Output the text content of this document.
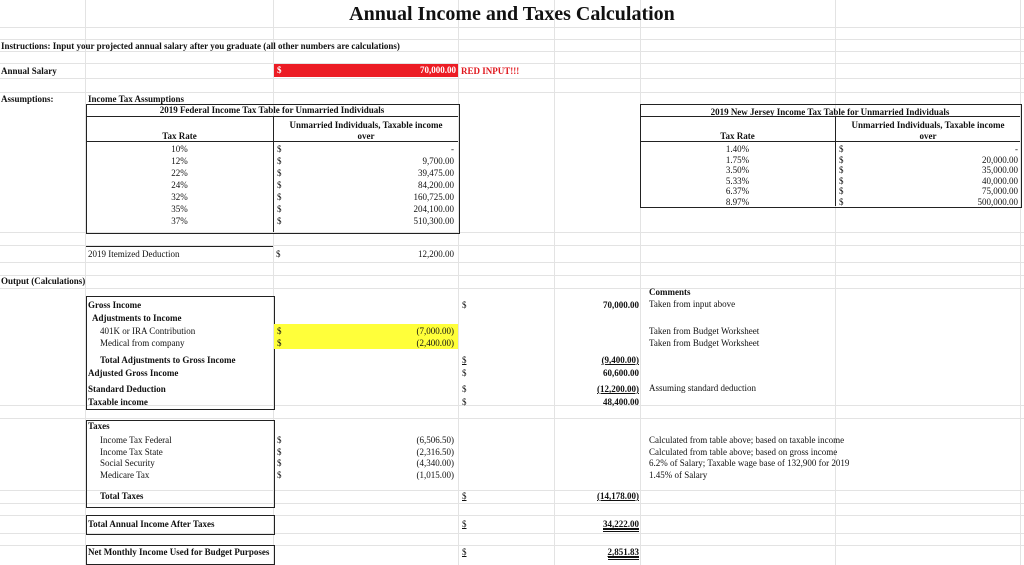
Annual Income and Taxes Calculation
Instructions: Input your projected annual salary after you graduate (all other numbers are calculations)
Annual Salary	$	70,000.00 RED INPUT!!!
Assumptions:	Income Tax Assumptions
2019 Federal Income Tax Table for Unmarried Individuals
Tax Rate
Unmarried Individuals, Taxable income
over
10%	$	-
12%	$	9,700.00
22%	$	39,475.00
24%	$	84,200.00
32%	$	160,725.00
35%	$	204,100.00
37%	$	510,300.00
2019 New Jersey Income Tax Table for Unmarried Individuals
Tax Rate
Unmarried Individuals, Taxable income
over
1.40%	$	-
1.75%	$	20,000.00
3.50%	$	35,000.00
5.33%	$	40,000.00
6.37%	$	75,000.00
8.97%	$	500,000.00
2019 Itemized Deduction	$	12,200.00
Output (Calculations)
Comments
Gross Income	$	70,000.00 Taken from input above
Adjustments to Income
401K or IRA Contribution	$	(7,000.00)	Taken from Budget Worksheet
Medical from company	$	(2,400.00)	Taken from Budget Worksheet
Total Adjustments to Gross Income	$	(9,400.00)
Adjusted Gross Income	$	60,600.00
Standard Deduction	$	(12,200.00) Assuming standard deduction
Taxable income	$	48,400.00
Taxes
Income Tax Federal	$	(6,506.50)	Calculated from table above; based on taxable income
Income Tax State	$	(2,316.50)	Calculated from table above; based on gross income
Social Security	$	(4,340.00)	6.2% of Salary; Taxable wage base of 132,900 for 2019
Medicare Tax	$	(1,015.00)	1.45% of Salary
Total Taxes	$	(14,178.00)
Total Annual Income After Taxes	$	34,222.00
Net Monthly Income Used for Budget Purposes	$	2,851.83
